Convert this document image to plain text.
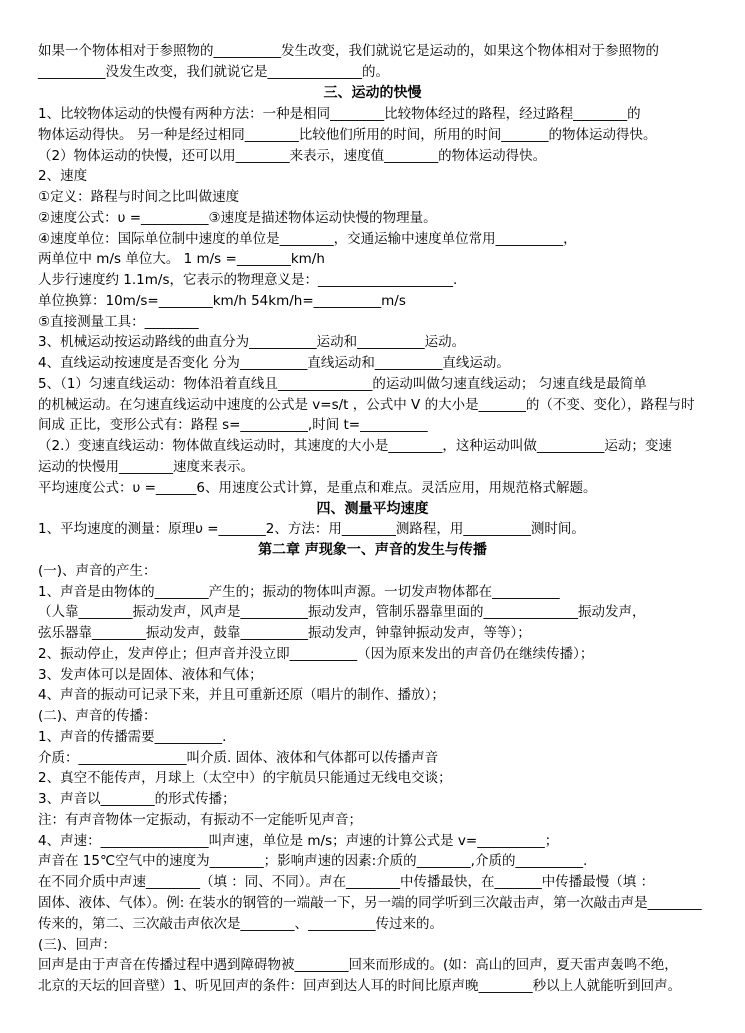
如果一个物体相对于参照物的__________发生改变，我们就说它是运动的，如果这个物体相对于参照物的
__________没发生改变，我们就说它是______________的。
三、运动的快慢
1、比较物体运动的快慢有两种方法：一种是相同________比较物体经过的路程，经过路程________的
物体运动得快。 另一种是经过相同________比较他们所用的时间，所用的时间_______的物体运动得快。
（2）物体运动的快慢，还可以用________来表示，速度值________的物体运动得快。
2、速度
①定义：路程与时间之比叫做速度
②速度公式：υ =__________③速度是描述物体运动快慢的物理量。
④速度单位：国际单位制中速度的单位是________，交通运输中速度单位常用__________，
两单位中 m/s 单位大。 1 m/s =________km/h
人步行速度约 1.1m/s，它表示的物理意义是：____________________.
单位换算：10m/s=________km/h 54km/h=__________m/s
⑤直接测量工具：________
3、机械运动按运动路线的曲直分为__________运动和__________运动。
4、直线运动按速度是否变化 分为__________直线运动和__________直线运动。
5、（1）匀速直线运动：物体沿着直线且______________的运动叫做匀速直线运动； 匀速直线是最简单
的机械运动。在匀速直线运动中速度的公式是 v=s/t ，公式中 V 的大小是_______的（不变、变化），路程与时
间成 正比，变形公式有：路程 s=__________,时间 t=__________
（2.）变速直线运动：物体做直线运动时，其速度的大小是________，这种运动叫做__________运动；变速
运动的快慢用________速度来表示。
平均速度公式：υ =______6、用速度公式计算，是重点和难点。灵活应用，用规范格式解题。
四、测量平均速度
1、平均速度的测量：原理υ =_______2、方法：用________测路程，用__________测时间。
第二章 声现象一、声音的发生与传播
(一)、声音的产生：
1、声音是由物体的________产生的；振动的物体叫声源。一切发声物体都在__________
（人靠________振动发声，风声是__________振动发声，管制乐器靠里面的______________振动发声，
弦乐器靠________振动发声，鼓靠__________振动发声，钟靠钟振动发声，等等）；
2、振动停止，发声停止；但声音并没立即__________（因为原来发出的声音仍在继续传播）；
3、发声体可以是固体、液体和气体；
4、声音的振动可记录下来，并且可重新还原（唱片的制作、播放）；
(二)、声音的传播：
1、声音的传播需要__________.
介质：________________叫介质. 固体、液体和气体都可以传播声音
2、真空不能传声，月球上（太空中）的宇航员只能通过无线电交谈；
3、声音以________的形式传播；
注：有声音物体一定振动，有振动不一定能听见声音；
4、声速：________________叫声速，单位是 m/s；声速的计算公式是 v=__________；
声音在 15℃空气中的速度为________；影响声速的因素:介质的________,介质的__________.
在不同介质中声速________（填 ：同、不同）。声在________中传播最快，在_______中传播最慢（填 ：
固体、液体、气体）。例: 在装水的钢管的一端敲一下，另一端的同学听到三次敲击声，第一次敲击声是________
传来的，第二、三次敲击声依次是________、__________传过来的。
(三)、回声：
回声是由于声音在传播过程中遇到障碍物被________回来而形成的。(如：高山的回声，夏天雷声轰鸣不绝，
北京的天坛的回音壁）1、听见回声的条件：回声到达人耳的时间比原声晚________秒以上人就能听到回声。
